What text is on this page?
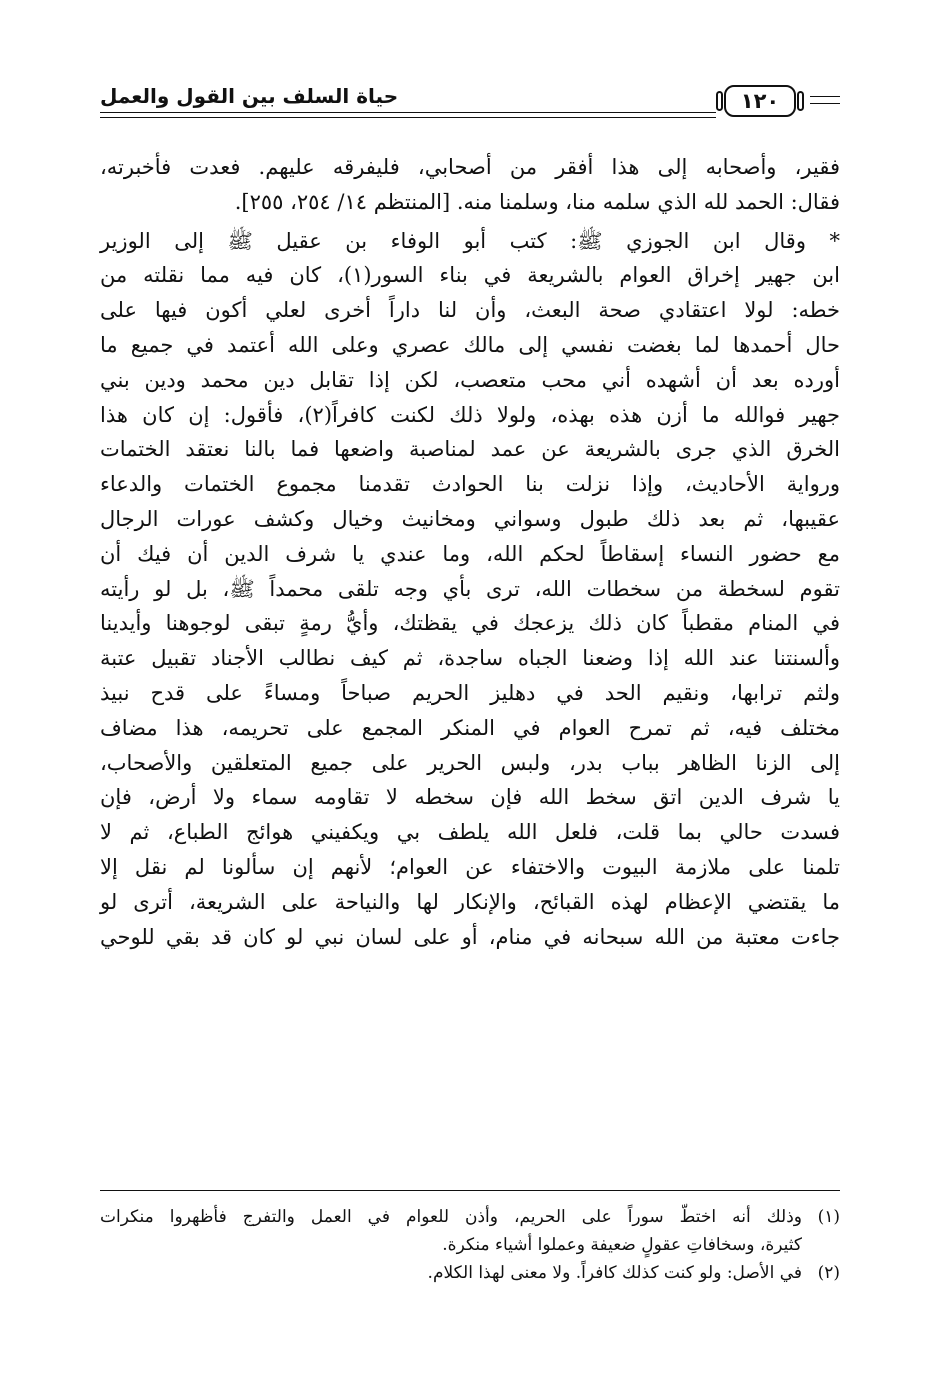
حياة السلف بين القول والعمل	١٢٠
فقير، وأصحابه إلى هذا أفقر من أصحابي، فليفرقه عليهم. فعدت فأخبرته،
فقال: الحمد لله الذي سلمه منا، وسلمنا منه. [المنتظم ١٤/ ٢٥٤، ٢٥٥].
* وقال ابن الجوزي ﷺ: كتب أبو الوفاء بن عقيل ﷺ إلى الوزير
ابن جهير إخراق العوام بالشريعة في بناء السور(١)، كان فيه مما نقلته من
خطه: لولا اعتقادي صحة البعث، وأن لنا داراً أخرى لعلي أكون فيها على
حال أحمدها لما بغضت نفسي إلى مالك عصري وعلى الله أعتمد في جميع ما
أورده بعد أن أشهده أني محب متعصب، لكن إذا تقابل دين محمد ودين بني
جهير فوالله ما أزن هذه بهذه، ولولا ذلك لكنت كافراً(٢)، فأقول: إن كان هذا
الخرق الذي جرى بالشريعة عن عمد لمناصبة واضعها فما بالنا نعتقد الختمات
ورواية الأحاديث، وإذا نزلت بنا الحوادث تقدمنا مجموع الختمات والدعاء
عقيبها، ثم بعد ذلك طبول وسواني ومخانيث وخيال وكشف عورات الرجال
مع حضور النساء إسقاطاً لحكم الله، وما عندي يا شرف الدين أن فيك أن
تقوم لسخطة من سخطات الله، ترى بأي وجه تلقى محمداً ﷺ، بل لو رأيته
في المنام مقطباً كان ذلك يزعجك في يقظتك، وأيُّ رمةٍ تبقى لوجوهنا وأيدينا
وألسنتنا عند الله إذا وضعنا الجباه ساجدة، ثم كيف نطالب الأجناد تقبيل عتبة
ولثم ترابها، ونقيم الحد في دهليز الحريم صباحاً ومساءً على قدح نبيذ
مختلف فيه، ثم تمرح العوام في المنكر المجمع على تحريمه، هذا مضاف
إلى الزنا الظاهر بباب بدر، ولبس الحرير على جميع المتعلقين والأصحاب،
يا شرف الدين اتق سخط الله فإن سخطه لا تقاومه سماء ولا أرض، فإن
فسدت حالي بما قلت، فلعل الله يلطف بي ويكفيني هوائج الطباع، ثم لا
تلمنا على ملازمة البيوت والاختفاء عن العوام؛ لأنهم إن سألونا لم نقل إلا
ما يقتضي الإعظام لهذه القبائح، والإنكار لها والنياحة على الشريعة، أترى لو
جاءت معتبة من الله سبحانه في منام، أو على لسان نبي لو كان قد بقي للوحي
(١)وذلك أنه اختطّ سوراً على الحريم، وأذن للعوام في العمل والتفرج فأظهروا منكرات
كثيرة، وسخافاتِ عقولٍ ضعيفة وعملوا أشياء منكرة.
(٢)في الأصل: ولو كنت كذلك كافراً. ولا معنى لهذا الكلام.
